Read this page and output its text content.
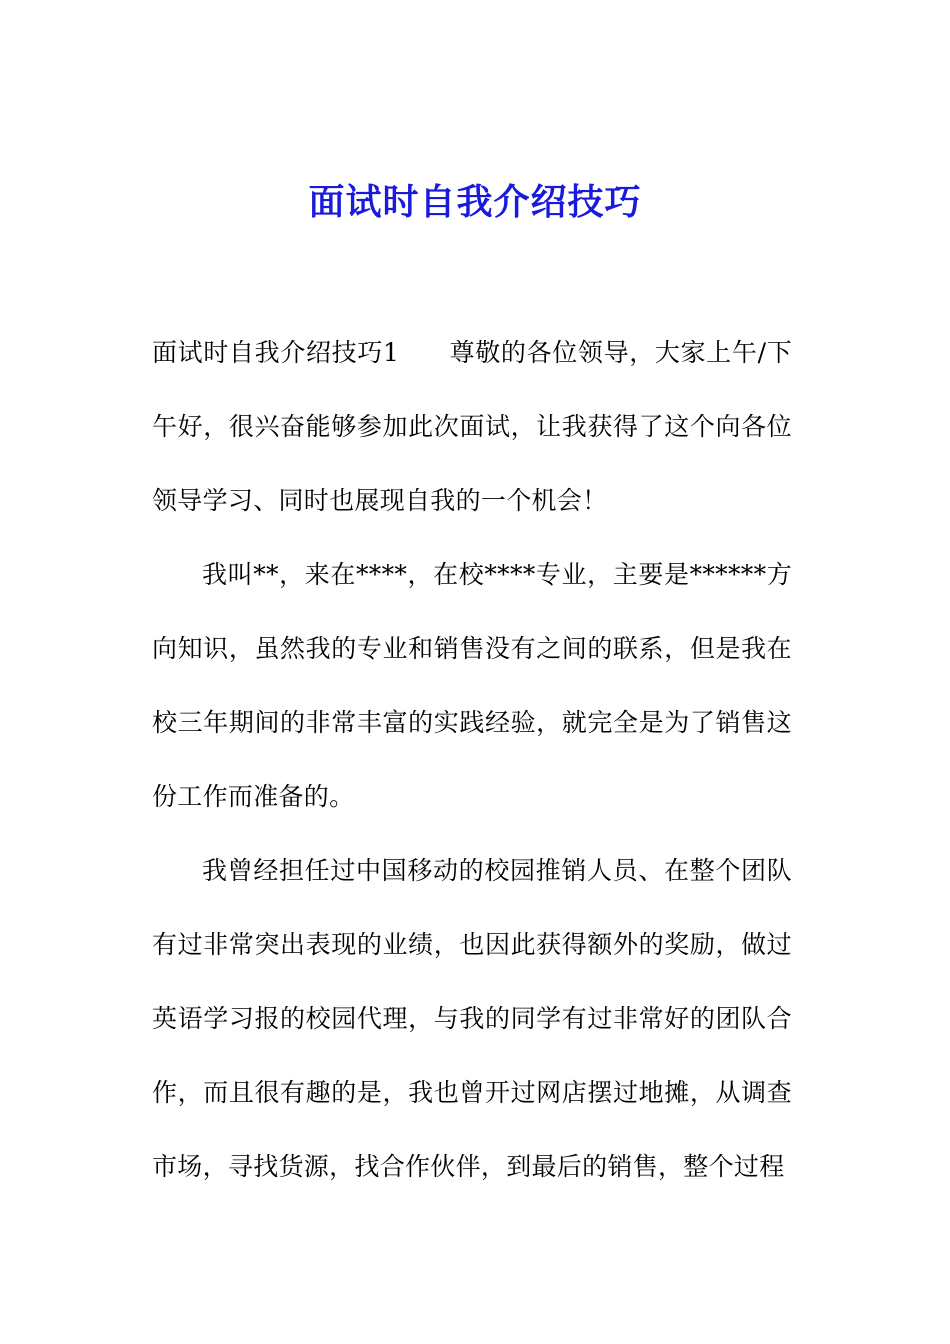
面试时自我介绍技巧

面试时自我介绍技巧1 尊敬的各位领导，大家上午/下午好，很兴奋能够参加此次面试，让我获得了这个向各位领导学习、同时也展现自我的一个机会！

我叫**，来在****，在校****专业，主要是******方向知识，虽然我的专业和销售没有之间的联系，但是我在校三年期间的非常丰富的实践经验，就完全是为了销售这份工作而准备的。

我曾经担任过中国移动的校园推销人员、在整个团队有过非常突出表现的业绩，也因此获得额外的奖励，做过英语学习报的校园代理，与我的同学有过非常好的团队合作，而且很有趣的是，我也曾开过网店摆过地摊，从调查市场，寻找货源，找合作伙伴，到最后的销售，整个过程
